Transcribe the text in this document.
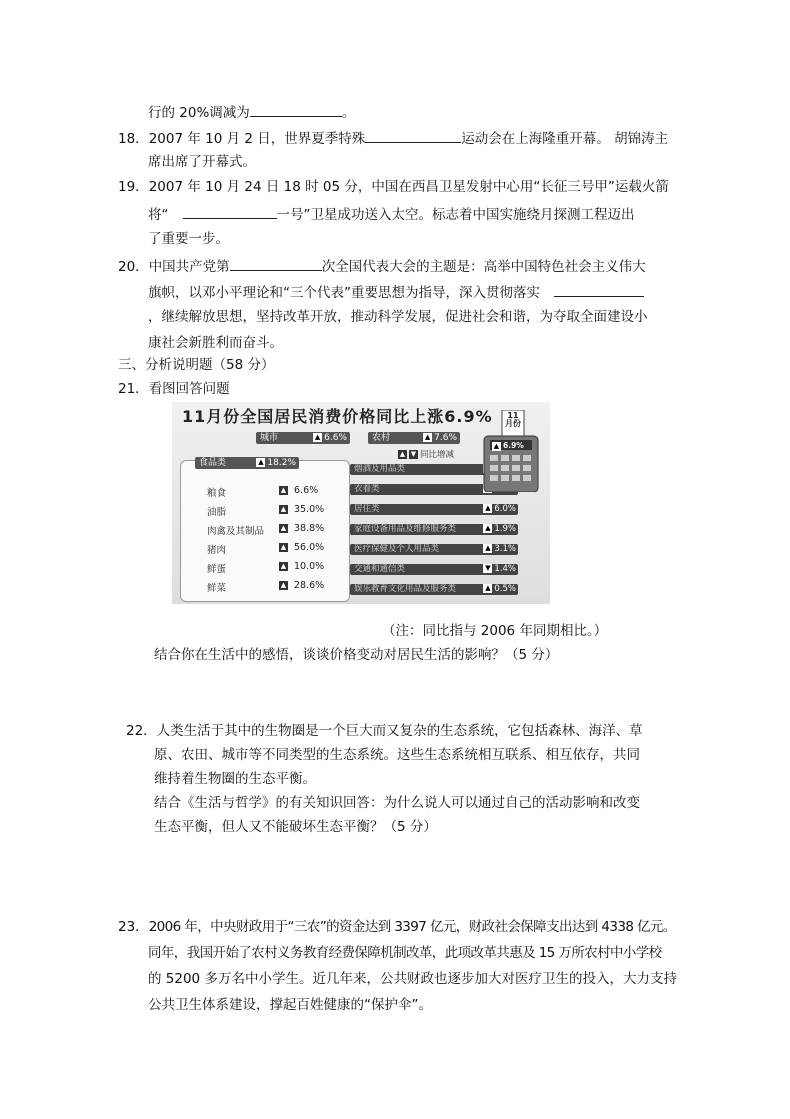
行的 20%调减为	。
18．2007 年 10 月 2 日，世界夏季特殊	运动会在上海隆重开幕。 胡锦涛主
席出席了开幕式。
19．2007 年 10 月 24 日 18 时 05 分，中国在西昌卫星发射中心用“长征三号甲”运载火箭
将“	一号”卫星成功送入太空。标志着中国实施绕月探测工程迈出
了重要一步。
20．中国共产党第	次全国代表大会的主题是：高举中国特色社会主义伟大
旗帜，以邓小平理论和“三个代表”重要思想为指导，深入贯彻落实
，继续解放思想，坚持改革开放，推动科学发展，促进社会和谐，为夺取全面建设小
康社会新胜利而奋斗。
三、分析说明题（58 分）
21．看图回答问题
11月份全国居民消费价格同比上涨6.9%
城市	▲ 6.6%	农村	▲ 7.6%
▲ ▼ 同比增减
食品类	▲ 18.2%
粮食	▲ 6.6%
油脂	▲ 35.0%
肉禽及其制品 ▲ 38.8%
猪肉	▲ 56.0%
鲜蛋	▲ 10.0%
鲜菜	▲ 28.6%
烟酒及用品类
衣着类
居住类	▲ 6.0%
家庭设备用品及维修服务类	▲ 1.9%
医疗保健及个人用品类	▲ 3.1%
交通和通信类	▼ 1.4%
娱乐教育文化用品及服务类	▲ 0.5%
11月份
▲ 6.9%
（注：同比指与 2006 年同期相比。）
结合你在生活中的感悟，谈谈价格变动对居民生活的影响？（5 分）
22．人类生活于其中的生物圈是一个巨大而又复杂的生态系统，它包括森林、海洋、草
原、农田、城市等不同类型的生态系统。这些生态系统相互联系、相互依存，共同
维持着生物圈的生态平衡。
结合《生活与哲学》的有关知识回答：为什么说人可以通过自己的活动影响和改变
生态平衡，但人又不能破坏生态平衡？（5 分）
23．2006 年，中央财政用于“三农”的资金达到 3397 亿元，财政社会保障支出达到 4338 亿元。
同年，我国开始了农村义务教育经费保障机制改革，此项改革共惠及 15 万所农村中小学校
的 5200 多万名中小学生。近几年来，公共财政也逐步加大对医疗卫生的投入，大力支持
公共卫生体系建设，撑起百姓健康的“保护伞”。
